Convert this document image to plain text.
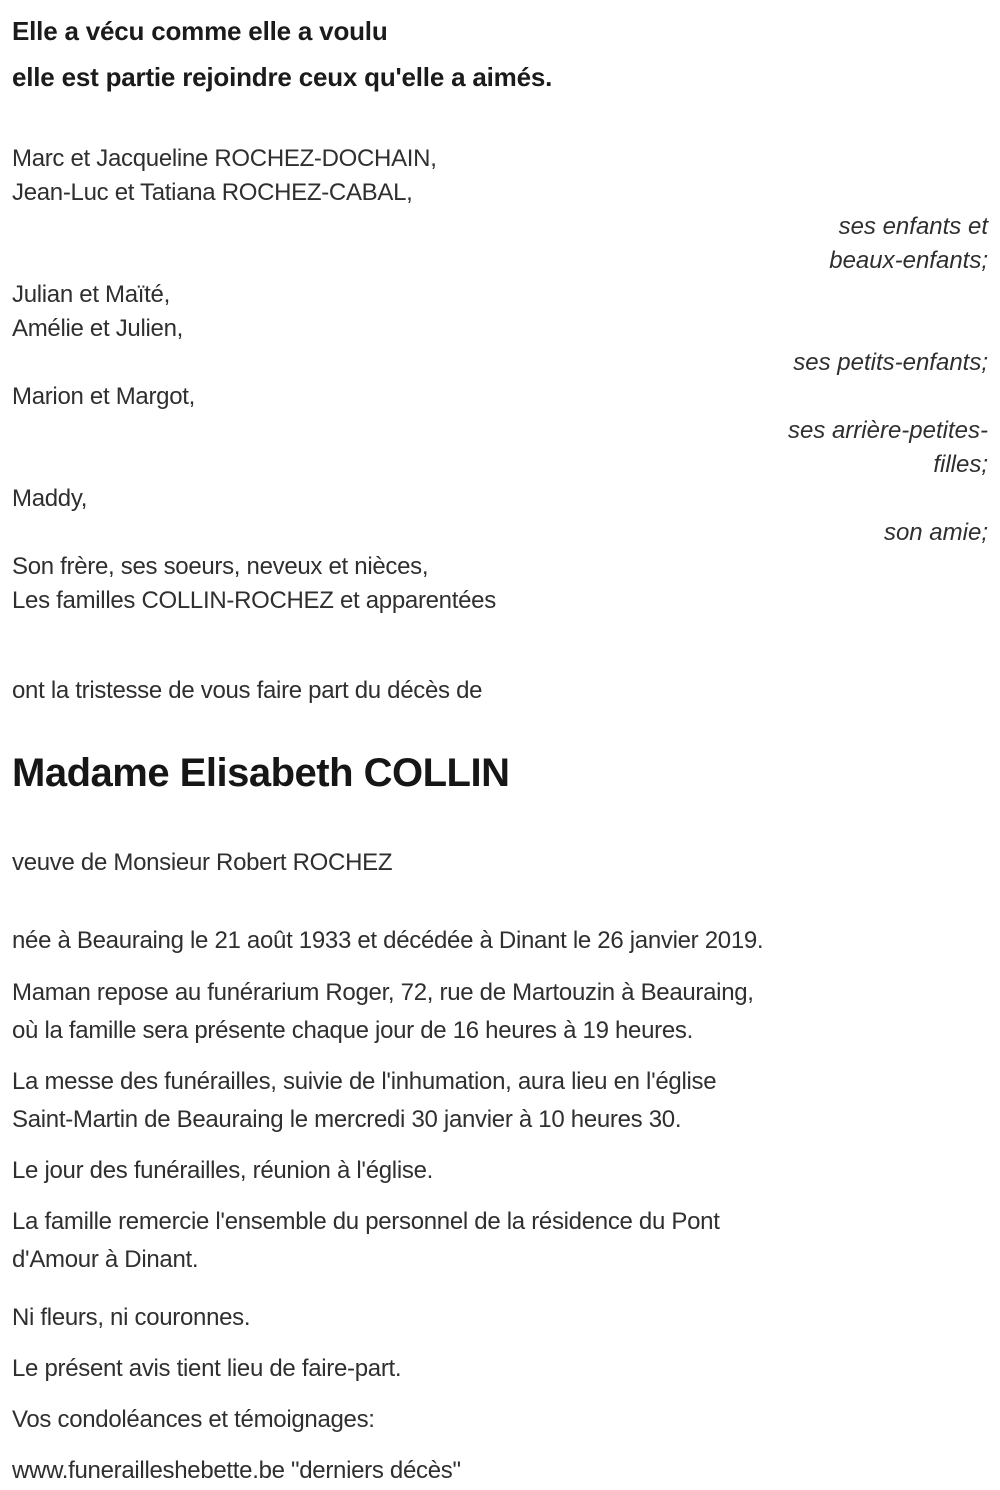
Elle a vécu comme elle a voulu
elle est partie rejoindre ceux qu'elle a aimés.
Marc et Jacqueline ROCHEZ-DOCHAIN,
Jean-Luc et Tatiana ROCHEZ-CABAL,
ses enfants et
beaux-enfants;
Julian et Maïté,
Amélie et Julien,
ses petits-enfants;
Marion et Margot,
ses arrière-petites-
filles;
Maddy,
son amie;
Son frère, ses soeurs, neveux et nièces,
Les familles COLLIN-ROCHEZ et apparentées
ont la tristesse de vous faire part du décès de
Madame Elisabeth COLLIN
veuve de Monsieur Robert ROCHEZ
née à Beauraing le 21 août 1933 et décédée à Dinant le 26 janvier 2019.
Maman repose au funérarium Roger, 72, rue de Martouzin à Beauraing,
où la famille sera présente chaque jour de 16 heures à 19 heures.
La messe des funérailles, suivie de l'inhumation, aura lieu en l'église
Saint-Martin de Beauraing le mercredi 30 janvier à 10 heures 30.
Le jour des funérailles, réunion à l'église.
La famille remercie l'ensemble du personnel de la résidence du Pont
d'Amour à Dinant.
Ni fleurs, ni couronnes.
Le présent avis tient lieu de faire-part.
Vos condoléances et témoignages:
www.funerailleshebette.be "derniers décès"
